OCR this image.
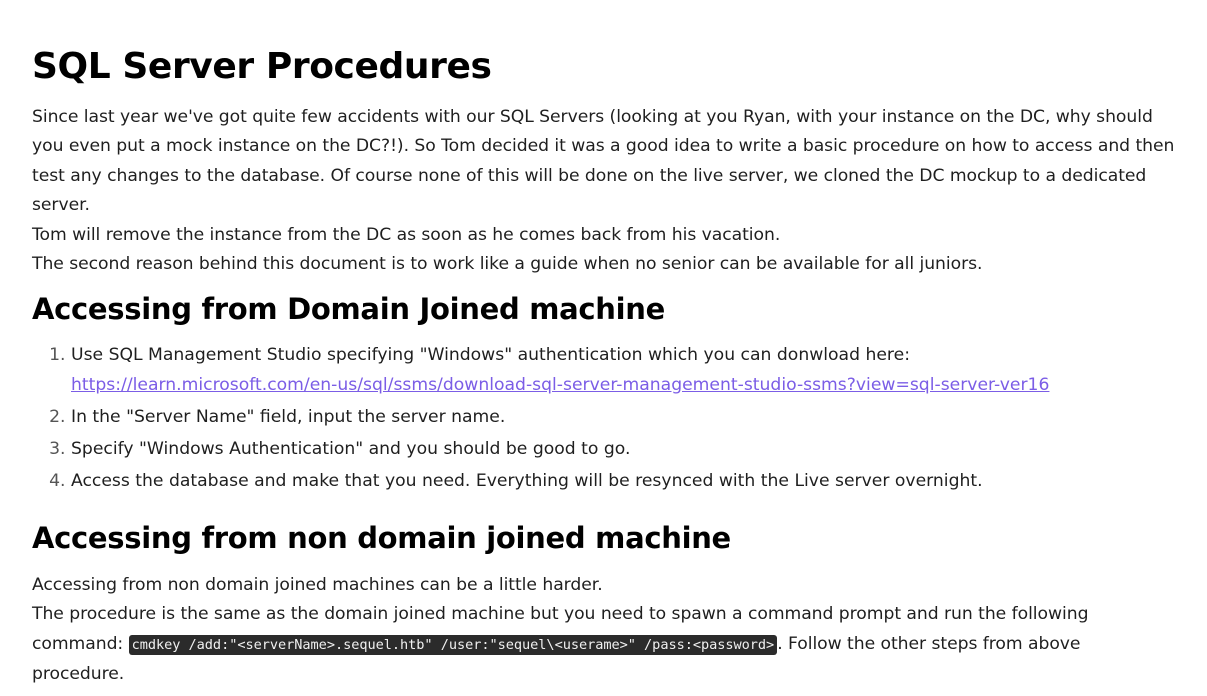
SQL Server Procedures

Since last year we've got quite few accidents with our SQL Servers (looking at you Ryan, with your instance on the DC, why should you even put a mock instance on the DC?!). So Tom decided it was a good idea to write a basic procedure on how to access and then test any changes to the database. Of course none of this will be done on the live server, we cloned the DC mockup to a dedicated server.
Tom will remove the instance from the DC as soon as he comes back from his vacation.
The second reason behind this document is to work like a guide when no senior can be available for all juniors.

Accessing from Domain Joined machine
1. Use SQL Management Studio specifying "Windows" authentication which you can donwload here:
https://learn.microsoft.com/en-us/sql/ssms/download-sql-server-management-studio-ssms?view=sql-server-ver16
2. In the "Server Name" field, input the server name.
3. Specify "Windows Authentication" and you should be good to go.
4. Access the database and make that you need. Everything will be resynced with the Live server overnight.
Accessing from non domain joined machine

Accessing from non domain joined machines can be a little harder.
The procedure is the same as the domain joined machine but you need to spawn a command prompt and run the following command: cmdkey /add:"<serverName>.sequel.htb" /user:"sequel\<userame>" /pass:<password> . Follow the other steps from above procedure.
